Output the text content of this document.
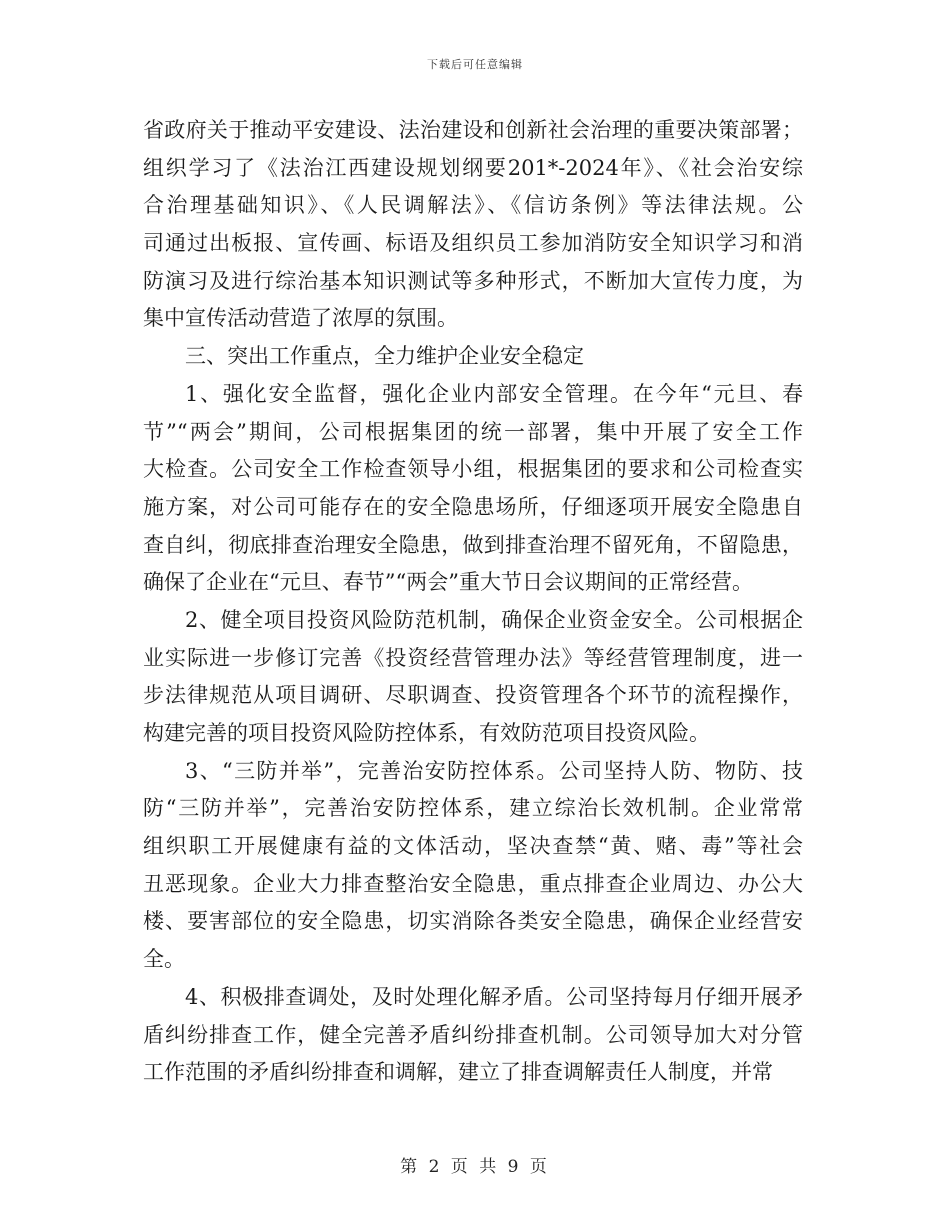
下载后可任意编辑
省政府关于推动平安建设、法治建设和创新社会治理的重要决策部署；
组织学习了《法治江西建设规划纲要201*-2024年》、《社会治安综
合治理基础知识》、《人民调解法》、《信访条例》等法律法规。公
司通过出板报、宣传画、标语及组织员工参加消防安全知识学习和消
防演习及进行综治基本知识测试等多种形式，不断加大宣传力度，为
集中宣传活动营造了浓厚的氛围。
三、突出工作重点，全力维护企业安全稳定
1、强化安全监督，强化企业内部安全管理。在今年“元旦、春
节”“两会”期间，公司根据集团的统一部署，集中开展了安全工作
大检查。公司安全工作检查领导小组，根据集团的要求和公司检查实
施方案，对公司可能存在的安全隐患场所，仔细逐项开展安全隐患自
查自纠，彻底排查治理安全隐患，做到排查治理不留死角，不留隐患，
确保了企业在“元旦、春节”“两会”重大节日会议期间的正常经营。
2、健全项目投资风险防范机制，确保企业资金安全。公司根据企
业实际进一步修订完善《投资经营管理办法》等经营管理制度，进一
步法律规范从项目调研、尽职调查、投资管理各个环节的流程操作，
构建完善的项目投资风险防控体系，有效防范项目投资风险。
3、“三防并举”，完善治安防控体系。公司坚持人防、物防、技
防“三防并举”，完善治安防控体系，建立综治长效机制。企业常常
组织职工开展健康有益的文体活动，坚决查禁“黄、赌、毒”等社会
丑恶现象。企业大力排查整治安全隐患，重点排查企业周边、办公大
楼、要害部位的安全隐患，切实消除各类安全隐患，确保企业经营安
全。
4、积极排查调处，及时处理化解矛盾。公司坚持每月仔细开展矛
盾纠纷排查工作，健全完善矛盾纠纷排查机制。公司领导加大对分管
工作范围的矛盾纠纷排查和调解，建立了排查调解责任人制度，并常
第 2 页 共 9 页
